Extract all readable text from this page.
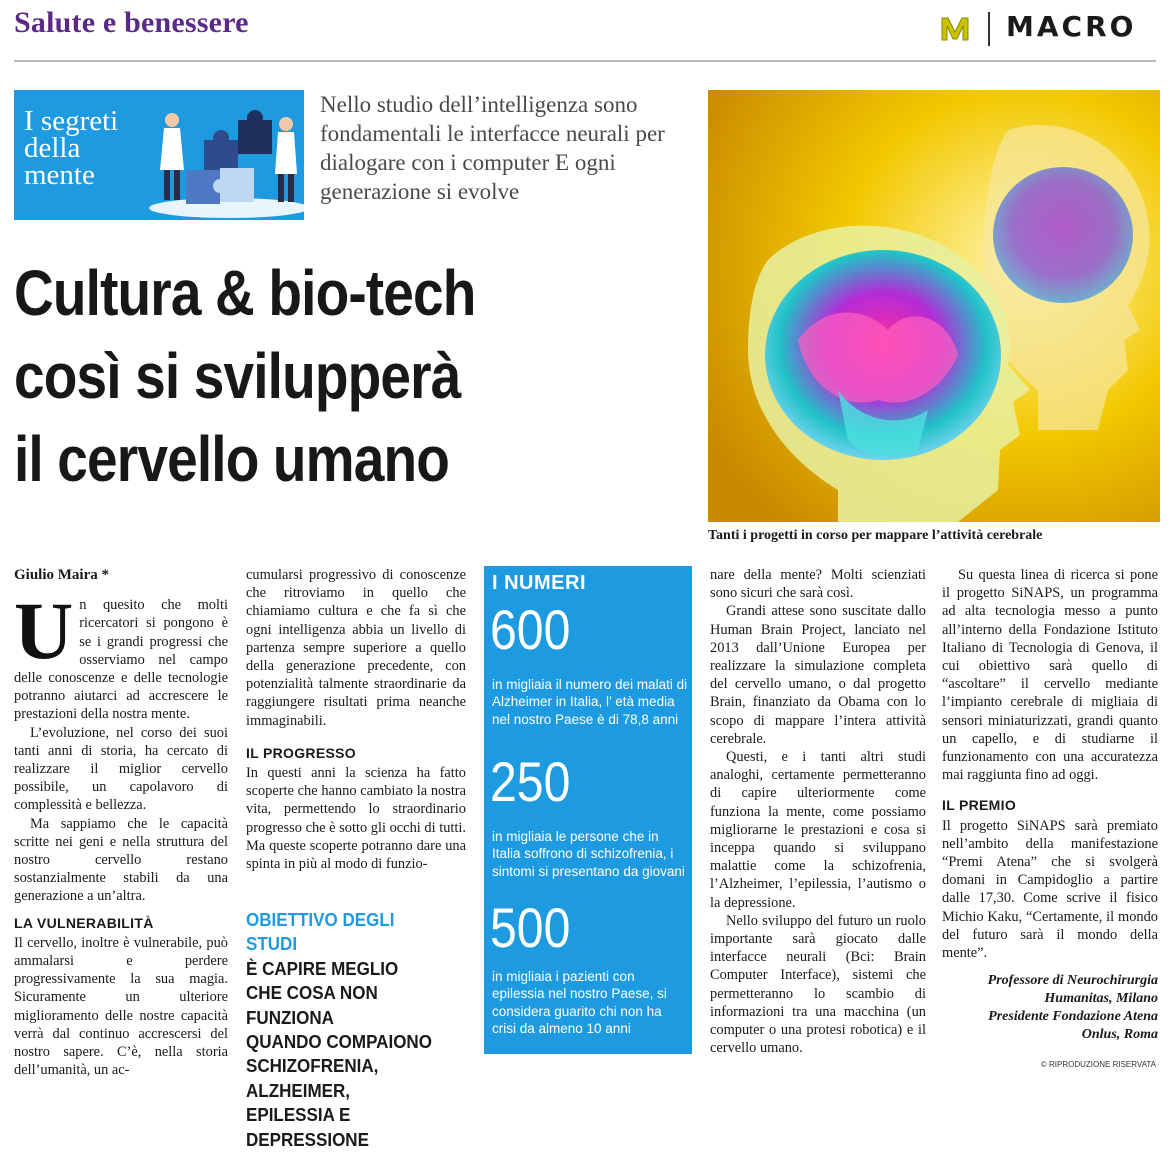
Salute e benessere	MACRO
I segreti della mente
Nello studio dell’intelligenza sono fondamentali le interfacce neurali per dialogare con i computer E ogni generazione si evolve
Cultura & bio-tech
così si svilupperà
il cervello umano
Tanti i progetti in corso per mappare l’attività cerebrale
Giulio Maira *

Un quesito che molti ricercatori si pongono è se i grandi progressi che osserviamo nel campo delle conoscenze e delle tecnologie potranno aiutarci ad accrescere le prestazioni della nostra mente.

L’evoluzione, nel corso dei suoi tanti anni di storia, ha cercato di realizzare il miglior cervello possibile, un capolavoro di complessità e bellezza.

Ma sappiamo che le capacità scritte nei geni e nella struttura del nostro cervello restano sostanzialmente stabili da una generazione a un’altra.

LA VULNERABILITÀ

Il cervello, inoltre è vulnerabile, può ammalarsi e perdere progressivamente la sua magia. Sicuramente un ulteriore miglioramento delle nostre capacità verrà dal continuo accrescersi del nostro sapere. C’è, nella storia dell’umanità, un ac-

cumularsi progressivo di conoscenze che ritroviamo in quello che chiamiamo cultura e che fa sì che ogni intelligenza abbia un livello di partenza sempre superiore a quello della generazione precedente, con potenzialità talmente straordinarie da raggiungere risultati prima neanche immaginabili.

IL PROGRESSO

In questi anni la scienza ha fatto scoperte che hanno cambiato la nostra vita, permettendo lo straordinario progresso che è sotto gli occhi di tutti. Ma queste scoperte potranno dare una spinta in più al modo di funzio-

OBIETTIVO DEGLI STUDI
È CAPIRE MEGLIO
CHE COSA NON FUNZIONA
QUANDO COMPAIONO
SCHIZOFRENIA, ALZHEIMER,
EPILESSIA E DEPRESSIONE
I NUMERI
600
in migliaia il numero dei malati di Alzheimer in Italia, l’ età media nel nostro Paese è di 78,8 anni
250
in migliaia le persone che in Italia soffrono di schizofrenia, i sintomi si presentano da giovani
500
in migliaia i pazienti con epilessia nel nostro Paese, si considera guarito chi non ha crisi da almeno 10 anni

nare della mente? Molti scienziati sono sicuri che sarà così.

Grandi attese sono suscitate dallo Human Brain Project, lanciato nel 2013 dall’Unione Europea per realizzare la simulazione completa del cervello umano, o dal progetto Brain, finanziato da Obama con lo scopo di mappare l’intera attività cerebrale.

Questi, e i tanti altri studi analoghi, certamente permetteranno di capire ulteriormente come funziona la mente, come possiamo migliorarne le prestazioni e cosa si inceppa quando si sviluppano malattie come la schizofrenia, l’Alzheimer, l’epilessia, l’autismo o la depressione.

Nello sviluppo del futuro un ruolo importante sarà giocato dalle interfacce neurali (Bci: Brain Computer Interface), sistemi che permetteranno lo scambio di informazioni tra una macchina (un computer o una protesi robotica) e il cervello umano.

Su questa linea di ricerca si pone il progetto SiNAPS, un programma ad alta tecnologia messo a punto all’interno della Fondazione Istituto Italiano di Tecnologia di Genova, il cui obiettivo sarà quello di “ascoltare” il cervello mediante l’impianto cerebrale di migliaia di sensori miniaturizzati, grandi quanto un capello, e di studiarne il funzionamento con una accuratezza mai raggiunta fino ad oggi.

IL PREMIO

Il progetto SiNAPS sarà premiato nell’ambito della manifestazione “Premi Atena” che si svolgerà domani in Campidoglio a partire dalle 17,30. Come scrive il fisico Michio Kaku, “Certamente, il mondo del futuro sarà il mondo della mente”.

Professore di Neurochirurgia
Humanitas, Milano
Presidente Fondazione Atena
Onlus, Roma
© RIPRODUZIONE RISERVATA
